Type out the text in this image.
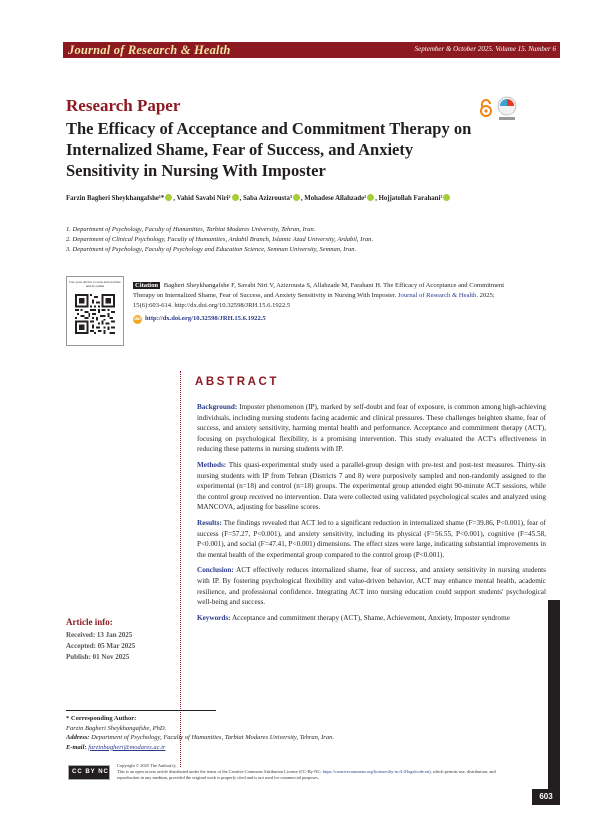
Journal of Research & Health	September & October 2025. Volume 15. Number 6
Research Paper
The Efficacy of Acceptance and Commitment Therapy on Internalized Shame, Fear of Success, and Anxiety Sensitivity in Nursing With Imposter
Farzin Bagheri Sheykhangafshe¹* , Vahid Savabi Niri² , Saba Azizrousta³ , Mohadese Allahzade² , Hojjatollah Farahani³
1. Department of Psychology, Faculty of Humanities, Tarbiat Modares University, Tehran, Iran.
2. Department of Clinical Psychology, Faculty of Humanities, Ardabil Branch, Islamic Azad University, Ardabil, Iran.
3. Department of Psychology, Faculty of Psychology and Education Science, Semnan University, Semnan, Iran.
Use your device to scan and read the article online	Citation Bagheri Sheykhangafshe F, Savabi Niri V, Azizrousta S, Allahzade M, Farahani H. The Efficacy of Acceptance and Commitment Therapy on Internalized Shame, Fear of Success, and Anxiety Sensitivity in Nursing With Imposter. Journal of Research & Health. 2025; 15(6):603-614. http://dx.doi.org/10.32598/JRH.15.6.1922.5
doi http://dx.doi.org/10.32598/JRH.15.6.1922.5
ABSTRACT

Background: Imposter phenomenon (IP), marked by self-doubt and fear of exposure, is common among high-achieving individuals, including nursing students facing academic and clinical pressures. These challenges heighten shame, fear of success, and anxiety sensitivity, harming mental health and performance. Acceptance and commitment therapy (ACT), focusing on psychological flexibility, is a promising intervention. This study evaluated the ACT's effectiveness in reducing these patterns in nursing students with IP.

Methods: This quasi-experimental study used a parallel-group design with pre-test and post-test measures. Thirty-six nursing students with IP from Tehran (Districts 7 and 8) were purposively sampled and non-randomly assigned to the experimental (n=18) and control (n=18) groups. The experimental group attended eight 90-minute ACT sessions, while the control group received no intervention. Data were collected using validated psychological scales and analyzed using MANCOVA, adjusting for baseline scores.

Results: The findings revealed that ACT led to a significant reduction in internalized shame (F=39.86, P<0.001), fear of success (F=57.27, P<0.001), and anxiety sensitivity, including its physical (F=56.55, P<0.001), cognitive (F=45.58, P<0.001), and social (F=47.41, P<0.001) dimensions. The effect sizes were large, indicating substantial improvements in the mental health of the experimental group compared to the control group (P<0.001).

Conclusion: ACT effectively reduces internalized shame, fear of success, and anxiety sensitivity in nursing students with IP. By fostering psychological flexibility and value-driven behavior, ACT may enhance mental health, academic resilience, and professional confidence. Integrating ACT into nursing education could support students' psychological well-being and success.

Keywords: Acceptance and commitment therapy (ACT), Shame, Achievement, Anxiety, Imposter syndrome

Article info:
Received: 13 Jan 2025
Accepted: 05 Mar 2025
Publish: 01 Nov 2025
* Corresponding Author:
Farzin Bagheri Sheykhangafshe, PhD.
Address: Department of Psychology, Faculty of Humanities, Tarbiat Modares University, Tehran, Iran.
E-mail: farzinbagheri@modares.ac.ir
CC BY NC
Copyright © 2025 The Author(s);
This is an open access article distributed under the terms of the Creative Commons Attribution License (CC-By-NC: https://creativecommons.org/licenses/by-nc/4.0/legalcode.en), which permits use, distribution, and reproduction in any medium, provided the original work is properly cited and is not used for commercial purposes.
603
